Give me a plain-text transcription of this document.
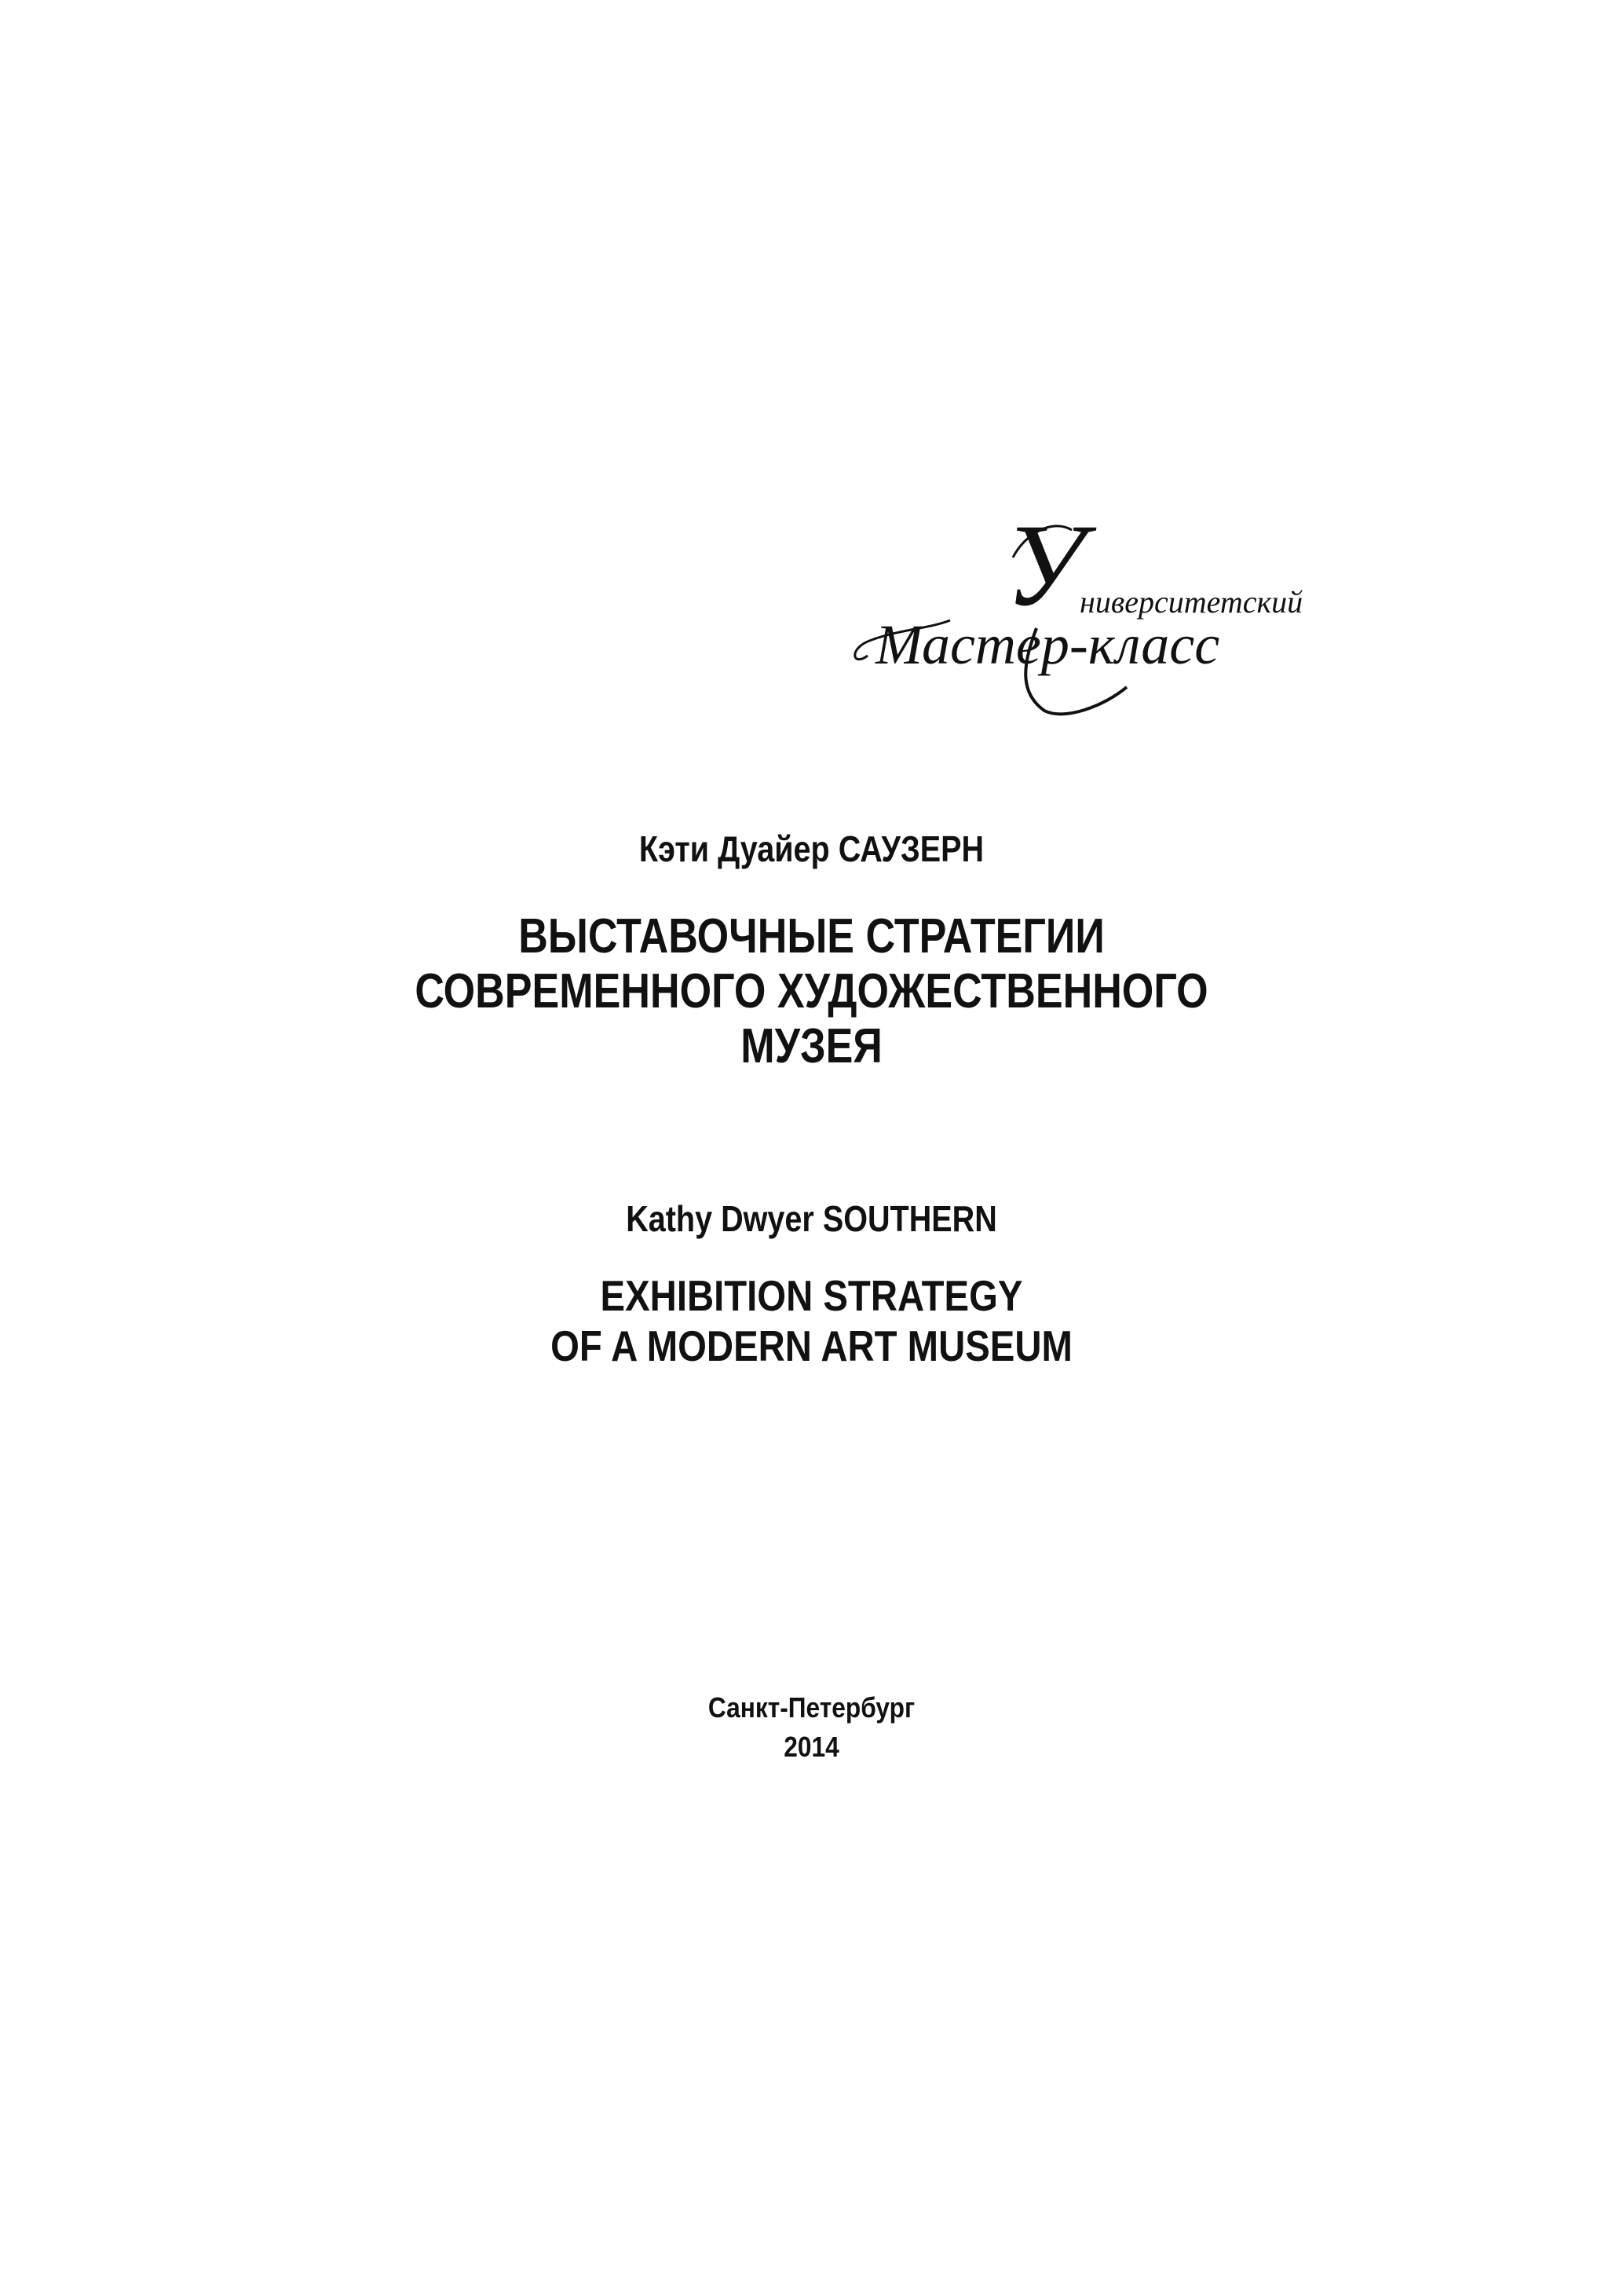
У
ниверситетский
Мастер-класс
Кэти Дуайер САУЗЕРН
ВЫСТАВОЧНЫЕ СТРАТЕГИИ
СОВРЕМЕННОГО ХУДОЖЕСТВЕННОГО
МУЗЕЯ
Kathy Dwyer SOUTHERN
EXHIBITION STRATEGY
OF A MODERN ART MUSEUM
Санкт-Петербург
2014
